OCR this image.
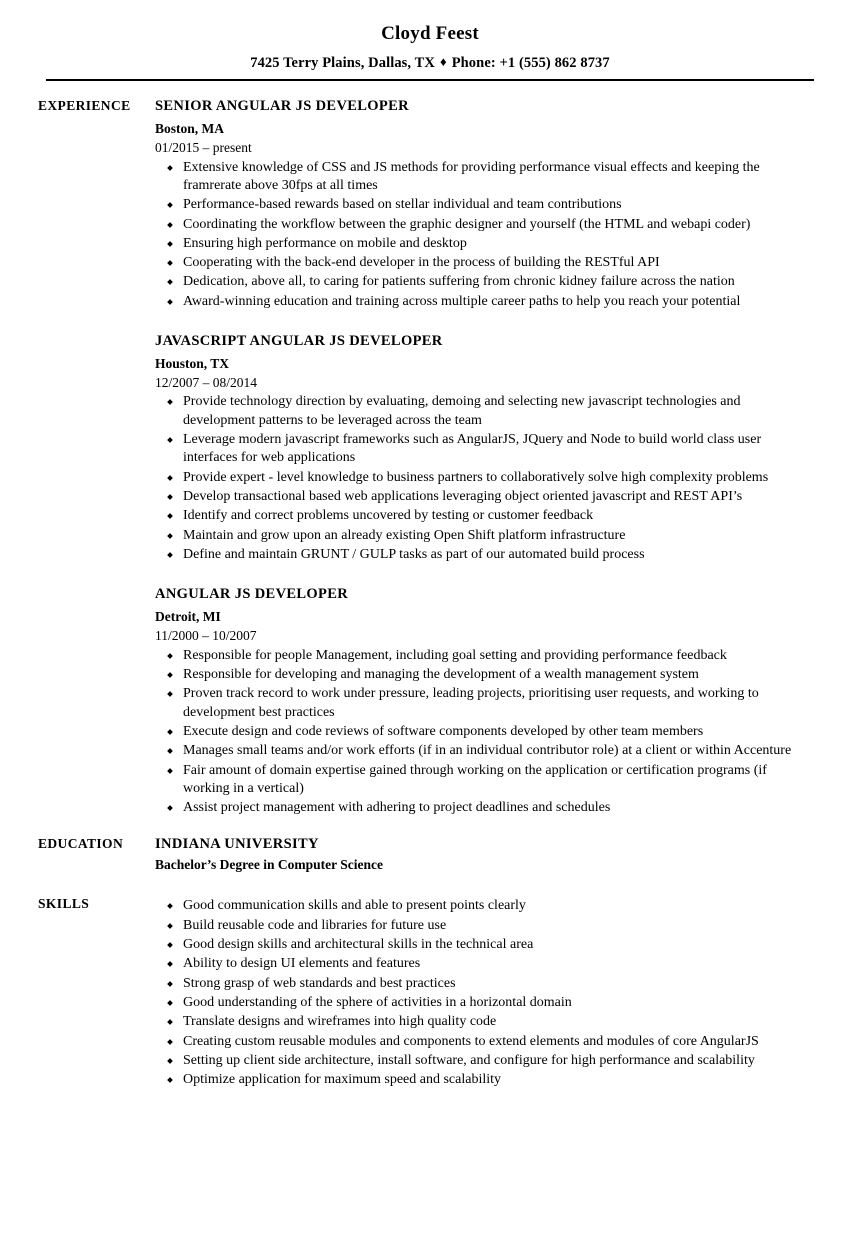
Cloyd Feest
7425 Terry Plains, Dallas, TX ♦ Phone: +1 (555) 862 8737
EXPERIENCE	SENIOR ANGULAR JS DEVELOPER
Boston, MA
01/2015 – present
Extensive knowledge of CSS and JS methods for providing performance visual effects and keeping the framrerate above 30fps at all times
Performance-based rewards based on stellar individual and team contributions
Coordinating the workflow between the graphic designer and yourself (the HTML and webapi coder)
Ensuring high performance on mobile and desktop
Cooperating with the back-end developer in the process of building the RESTful API
Dedication, above all, to caring for patients suffering from chronic kidney failure across the nation
Award-winning education and training across multiple career paths to help you reach your potential
JAVASCRIPT ANGULAR JS DEVELOPER
Houston, TX
12/2007 – 08/2014
Provide technology direction by evaluating, demoing and selecting new javascript technologies and development patterns to be leveraged across the team
Leverage modern javascript frameworks such as AngularJS, JQuery and Node to build world class user interfaces for web applications
Provide expert - level knowledge to business partners to collaboratively solve high complexity problems
Develop transactional based web applications leveraging object oriented javascript and REST API’s
Identify and correct problems uncovered by testing or customer feedback
Maintain and grow upon an already existing Open Shift platform infrastructure
Define and maintain GRUNT / GULP tasks as part of our automated build process
ANGULAR JS DEVELOPER
Detroit, MI
11/2000 – 10/2007
Responsible for people Management, including goal setting and providing performance feedback
Responsible for developing and managing the development of a wealth management system
Proven track record to work under pressure, leading projects, prioritising user requests, and working to development best practices
Execute design and code reviews of software components developed by other team members
Manages small teams and/or work efforts (if in an individual contributor role) at a client or within Accenture
Fair amount of domain expertise gained through working on the application or certification programs (if working in a vertical)
Assist project management with adhering to project deadlines and schedules
EDUCATION	INDIANA UNIVERSITY
Bachelor’s Degree in Computer Science
SKILLS	Good communication skills and able to present points clearly
Build reusable code and libraries for future use
Good design skills and architectural skills in the technical area
Ability to design UI elements and features
Strong grasp of web standards and best practices
Good understanding of the sphere of activities in a horizontal domain
Translate designs and wireframes into high quality code
Creating custom reusable modules and components to extend elements and modules of core AngularJS
Setting up client side architecture, install software, and configure for high performance and scalability
Optimize application for maximum speed and scalability
